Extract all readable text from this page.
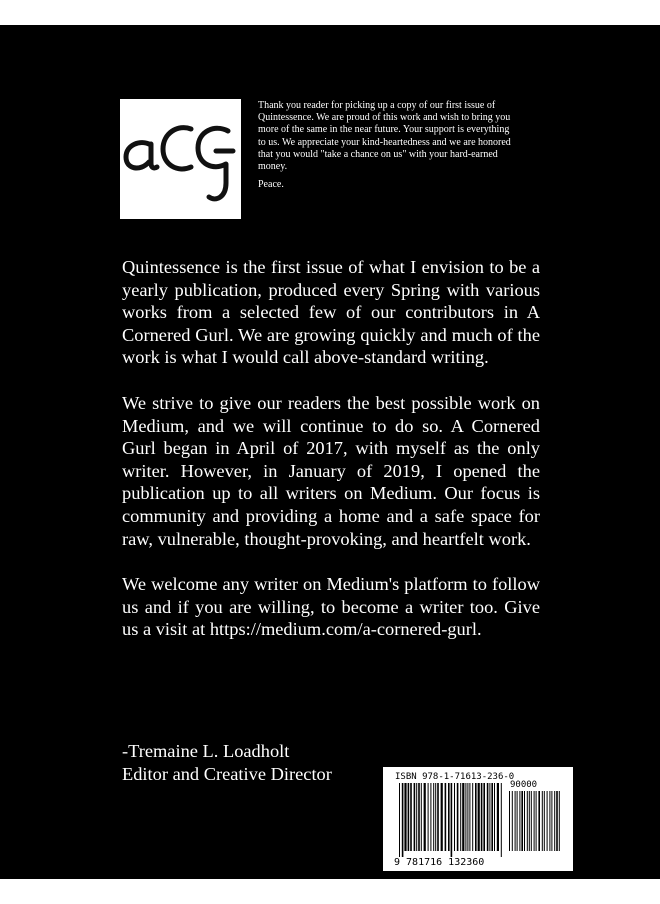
Thank you reader for picking up a copy of our first issue of Quintessence. We are proud of this work and wish to bring you more of the same in the near future. Your support is everything to us. We appreciate your kind-heartedness and we are honored that you would "take a chance on us" with your hard-earned money.

Peace.

Quintessence is the first issue of what I envision to be a yearly publication, produced every Spring with various works from a selected few of our contributors in A Cornered Gurl. We are growing quickly and much of the work is what I would call above-standard writing.

We strive to give our readers the best possible work on Medium, and we will continue to do so. A Cornered Gurl began in April of 2017, with myself as the only writer. However, in January of 2019, I opened the publication up to all writers on Medium. Our focus is community and providing a home and a safe space for raw, vulnerable, thought-provoking, and heartfelt work.

We welcome any writer on Medium's platform to follow us and if you are willing, to become a writer too. Give us a visit at https://medium.com/a-cornered-gurl.

-Tremaine L. Loadholt
Editor and Creative Director	ISBN 978-1-71613-236-0
90000
9 781716 132360
